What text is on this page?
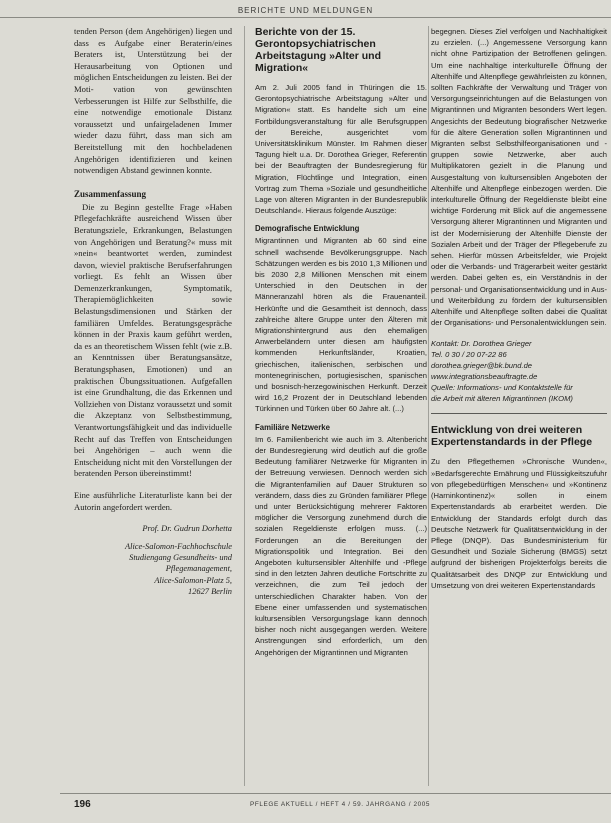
BERICHTE UND MELDUNGEN

tenden Person (dem Angehörigen) liegen und dass es Aufgabe einer Beraterin/eines Beraters ist, Unterstützung bei der Herausarbeitung von Optionen und möglichen Entscheidungen zu leisten. Bei der Moti- vation von gewünschten Verbesserungen ist Hilfe zur Selbsthilfe, die eine notwendige emotionale Distanz voraussetzt und unfairgeladenen Immer wieder dazu führt, dass man sich am Bereitstellung mit den hochbeladenen Angehörigen identifizieren und keinen notwendigen Abstand gewinnen konnte.

Zusammenfassung

Die zu Beginn gestellte Frage »Haben Pflegefachkräfte ausreichend Wissen über Beratungsziele, Erkrankungen, Belastungen von Angehörigen und Beratung?« muss mit »nein« beantwortet werden, zumindest davon, wieviel praktische Berufserfahrungen vorliegt. Es fehlt an Wissen über Demenzerkrankungen, Symptomatik, Therapiemöglichkeiten sowie Belastungsdimensionen und Stärken der familiären Umfeldes. Beratungsgespräche können in der Praxis kaum geführt werden, da es an theoretischem Wissen fehlt (wie z.B. an Kenntnissen über Beratungsansätze, Beratungsphasen, Emotionen) und an praktischen Übungssituationen. Aufgefallen ist eine Grundhaltung, die das Erkennen und Vollziehen von Distanz voraussetzt und somit die Akzeptanz von Selbstbestimmung, Verantwortungsfähigkeit und das individuelle Recht auf das Treffen von Entscheidungen bei Angehörigen – auch wenn die Entscheidung nicht mit den Vorstellungen der beratenden Person übereinstimmt!

Eine ausführliche Literaturliste kann bei der Autorin angefordert werden.

Prof. Dr. Gudrun Dorhetta
Alice-Salomon-Fachhochschule
Studiengang Gesundheits- und
Pflegemanagement,
Alice-Salomon-Platz 5,
12627 Berlin
Berichte von der 15. Gerontopsychiatrischen Arbeitstagung »Alter und Migration«

Am 2. Juli 2005 fand in Thüringen die 15. Gerontopsychiatrische Arbeitstagung »Alter und Migration« statt. Es handelte sich um eine Fortbildungsveranstaltung für alle Berufsgruppen der Bereiche, ausgerichtet vom Universitätsklinikum Münster. Im Rahmen dieser Tagung hielt u.a. Dr. Dorothea Grieger, Referentin bei der Beauftragten der Bundesregierung für Migration, Flüchtlinge und Integration, einen Vortrag zum Thema »Soziale und gesundheitliche Lage von älteren Migranten in der Bundesrepublik Deutschland«. Hieraus folgende Auszüge:

Demografische Entwicklung

Migrantinnen und Migranten ab 60 sind eine schnell wachsende Bevölkerungsgruppe. Nach Schätzungen werden es bis 2010 1,3 Millionen und bis 2030 2,8 Millionen Menschen mit einem Unterschied in den Deutschen in der Männeranzahl hören als die Frauenanteil. Herkünfte und die Gesamtheit ist dennoch, dass zahlreiche ältere Gruppe unter den Älteren mit Migrationshintergrund aus den ehemaligen Anwerbeländern unter diesen am häufigsten kommenden Herkunftsländer, Kroatien, griechischen, italienischen, serbischen und montenegrinischen, portugiesischen, spanischen und bosnisch-herzegowinischen Herkunft. Derzeit wird 16,2 Prozent der in Deutschland lebenden Türkinnen und Türken über 60 Jahre alt. (...)

Familiäre Netzwerke

Im 6. Familienbericht wie auch im 3. Altenbericht der Bundesregierung wird deutlich auf die große Bedeutung familiärer Netzwerke für Migranten in der Betreuung verwiesen. Dennoch werden sich die Migrantenfamilien auf Dauer Strukturen so verändern, dass dies zu Gründen familiärer Pflege und unter Berücksichtigung mehrerer Faktoren möglicher die Versorgung zunehmend durch die sozialen Regeldienste erfolgen muss. (...) Forderungen an die Bereitungen der Migrationspolitik und Integration. Bei den Angeboten kultursensibler Altenhilfe und -Pflege sind in den letzten Jahren deutliche Fortschritte zu verzeichnen, die zum Teil jedoch der unterschiedlichen Charakter haben. Von der Ebene einer umfassenden und systematischen kultursensiblen Versorgungslage kann dennoch bisher noch nicht ausgegangen werden. Weitere Anstrengungen sind erforderlich, um den Angehörigen der Migrantinnen und Migranten

begegnen. Dieses Ziel verfolgen und Nachhaltigkeit zu erzielen. (...) Angemessene Versorgung kann nicht ohne Partizipation der Betroffenen gelingen. Um eine nachhaltige interkulturelle Öffnung der Altenhilfe und Altenpflege gewährleisten zu können, sollten Fachkräfte der Verwaltung und Träger von Versorgungseinrichtungen auf die Belastungen von Migrantinnen und Migranten besonders Wert legen. Angesichts der Bedeutung biografischer Netzwerke für die ältere Generation sollen Migrantinnen und Migranten selbst Selbsthilfeorganisationen und -gruppen sowie Netzwerke, aber auch Multiplikatoren gezielt in die Planung und Ausgestaltung von kultursensiblen Angeboten der Altenhilfe und Altenpflege einbezogen werden. Die interkulturelle Öffnung der Regeldienste bleibt eine wichtige Forderung mit Blick auf die angemessene Versorgung älterer Migrantinnen und Migranten und ist der Modernisierung der Altenhilfe Dienste der Sozialen Arbeit und der Träger der Pflegeberufe zu sehen. Hierfür müssen Arbeitsfelder, wie Projekt oder die Verbands- und Trägerarbeit weiter gestärkt werden. Dabei gelten es, ein Verständnis in der personal- und Organisationsentwicklung und in Aus- und Weiterbildung zu fördern der kultursensiblen Altenhilfe und Altenpflege sollten dabei die Qualität der Organisations- und Personalentwicklungen sein.

Kontakt: Dr. Dorothea Grieger
Tel. 0 30 / 20 07-22 86
dorothea.grieger@bk.bund.de
www.integrationsbeauftragte.de
Quelle: Informations- und Kontaktstelle für
die Arbeit mit älteren Migrantinnen (IKOM)
Entwicklung von drei weiteren Expertenstandards in der Pflege

Zu den Pflegethemen »Chronische Wunden«, »Bedarfsgerechte Ernährung und Flüssigkeitszufuhr von pflegebedürftigen Menschen« und »Kontinenz (Harninkontinenz)« sollen in einem Expertenstandards ab erarbeitet werden. Die Entwicklung der Standards erfolgt durch das Deutsche Netzwerk für Qualitätsentwicklung in der Pflege (DNQP). Das Bundesministerium für Gesundheit und Soziale Sicherung (BMGS) setzt aufgrund der bisherigen Projekterfolgs bereits die Qualitätsarbeit des DNQP zur Entwicklung und Umsetzung von drei weiteren Expertenstandards

196	PFLEGE AKTUELL / HEFT 4 / 59. JAHRGANG / 2005
